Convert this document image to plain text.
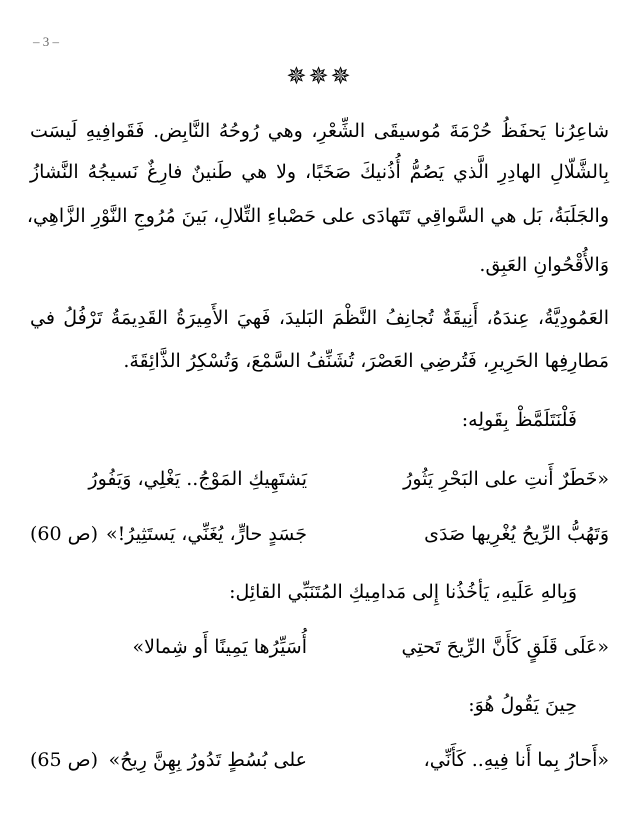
– 3 –
✵✵✵
شاعِرُنا يَحفَظُ حُرْمَةَ مُوسيقَى الشِّعْرِ، وهي رُوحُهُ النَّابِض. فَقَوافِيهِ لَيسَت
بِالشَّلّالِ الهادِرِ الَّذي يَصُمُّ أُذُنيكَ صَخَبًا، ولا هي طَنينٌ فارِغٌ نَسيجُهُ النَّشازُ
والجَلَبَةُ، بَل هي السَّواقِي تَتَهادَى على حَصْباءِ التِّلالِ، بَينَ مُرُوجِ النَّوْرِ الزَّاهِي،
وَالأُقْحُوانِ العَبِق.
العَمُودِيَّةُ، عِندَهُ، أَنِيقَةٌ تُجانِفُ النَّظْمَ البَليدَ، فَهيَ الأَمِيرَةُ القَدِيمَةُ تَرْفُلُ في
مَطارِفِها الحَرِيرِ، فَتُرضِي العَصْرَ، تُشَنِّفُ السَّمْعَ، وَتُسْكِرُ الذَّائِقَةَ.
فَلْنَتَلَمَّظْ بِقَولِه:
«خَطَرٌ أَنتِ على البَحْرِ يَثُورُ
يَشتَهِيكِ المَوْجُ.. يَغْلِي، وَيَفُورُ
وَتَهُبُّ الرِّيحُ يُغْرِيها صَدَى
جَسَدٍ حارٍّ، يُغَنِّي، يَستَثِيرُ!»
(ص 60)
وَبِالهِ عَلَيهِ، يَأخُذُنا إِلى مَدامِيكِ المُتَنَبِّي القائِل:
«عَلَى قَلَقٍ كَأَنَّ الرِّيحَ تَحتِي
أُسَيِّرُها يَمِينًا أَو شِمالا»
حِينَ يَقُولُ هُوَ:
«أَحارُ بِما أَنا فِيهِ.. كَأَنِّي،
على بُسُطٍ تَدُورُ بِهِنَّ رِيحُ»
(ص 65)
